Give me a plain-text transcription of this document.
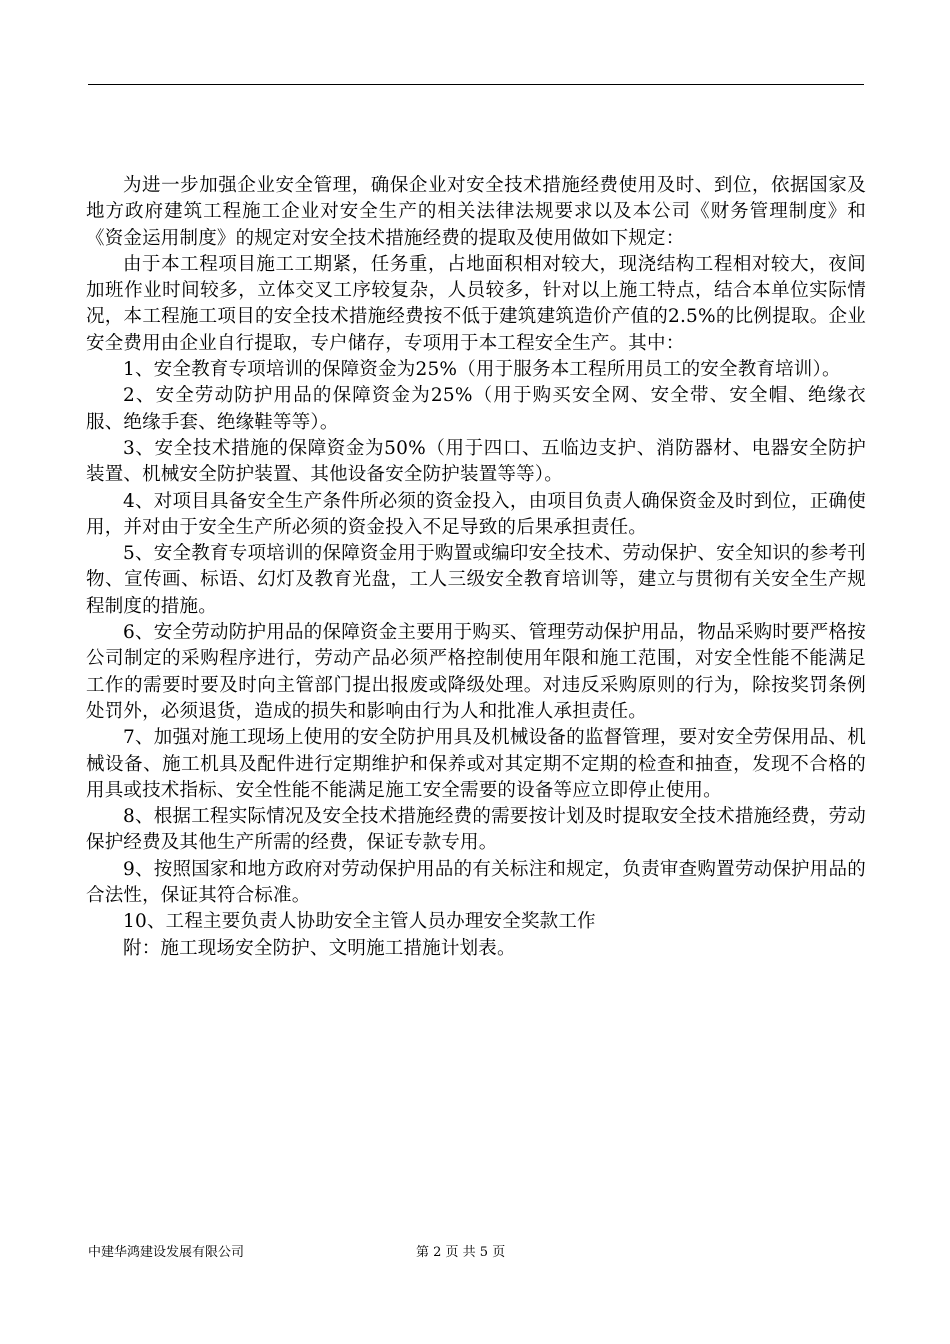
为进一步加强企业安全管理，确保企业对安全技术措施经费使用及时、到位，依据国家及地方政府建筑工程施工企业对安全生产的相关法律法规要求以及本公司《财务管理制度》和《资金运用制度》的规定对安全技术措施经费的提取及使用做如下规定：

由于本工程项目施工工期紧，任务重，占地面积相对较大，现浇结构工程相对较大，夜间加班作业时间较多，立体交叉工序较复杂，人员较多，针对以上施工特点，结合本单位实际情况，本工程施工项目的安全技术措施经费按不低于建筑建筑造价产值的2.5%的比例提取。企业安全费用由企业自行提取，专户储存，专项用于本工程安全生产。其中：

1、安全教育专项培训的保障资金为25%（用于服务本工程所用员工的安全教育培训）。

2、安全劳动防护用品的保障资金为25%（用于购买安全网、安全带、安全帽、绝缘衣服、绝缘手套、绝缘鞋等等）。

3、安全技术措施的保障资金为50%（用于四口、五临边支护、消防器材、电器安全防护装置、机械安全防护装置、其他设备安全防护装置等等）。

4、对项目具备安全生产条件所必须的资金投入，由项目负责人确保资金及时到位，正确使用，并对由于安全生产所必须的资金投入不足导致的后果承担责任。

5、安全教育专项培训的保障资金用于购置或编印安全技术、劳动保护、安全知识的参考刊物、宣传画、标语、幻灯及教育光盘，工人三级安全教育培训等，建立与贯彻有关安全生产规程制度的措施。

6、安全劳动防护用品的保障资金主要用于购买、管理劳动保护用品，物品采购时要严格按公司制定的采购程序进行，劳动产品必须严格控制使用年限和施工范围，对安全性能不能满足工作的需要时要及时向主管部门提出报废或降级处理。对违反采购原则的行为，除按奖罚条例处罚外，必须退货，造成的损失和影响由行为人和批准人承担责任。

7、加强对施工现场上使用的安全防护用具及机械设备的监督管理，要对安全劳保用品、机械设备、施工机具及配件进行定期维护和保养或对其定期不定期的检查和抽查，发现不合格的用具或技术指标、安全性能不能满足施工安全需要的设备等应立即停止使用。

8、根据工程实际情况及安全技术措施经费的需要按计划及时提取安全技术措施经费，劳动保护经费及其他生产所需的经费，保证专款专用。

9、按照国家和地方政府对劳动保护用品的有关标注和规定，负责审查购置劳动保护用品的合法性，保证其符合标准。

10、工程主要负责人协助安全主管人员办理安全奖款工作

附：施工现场安全防护、文明施工措施计划表。

中建华鸿建设发展有限公司	第 2 页 共 5 页
